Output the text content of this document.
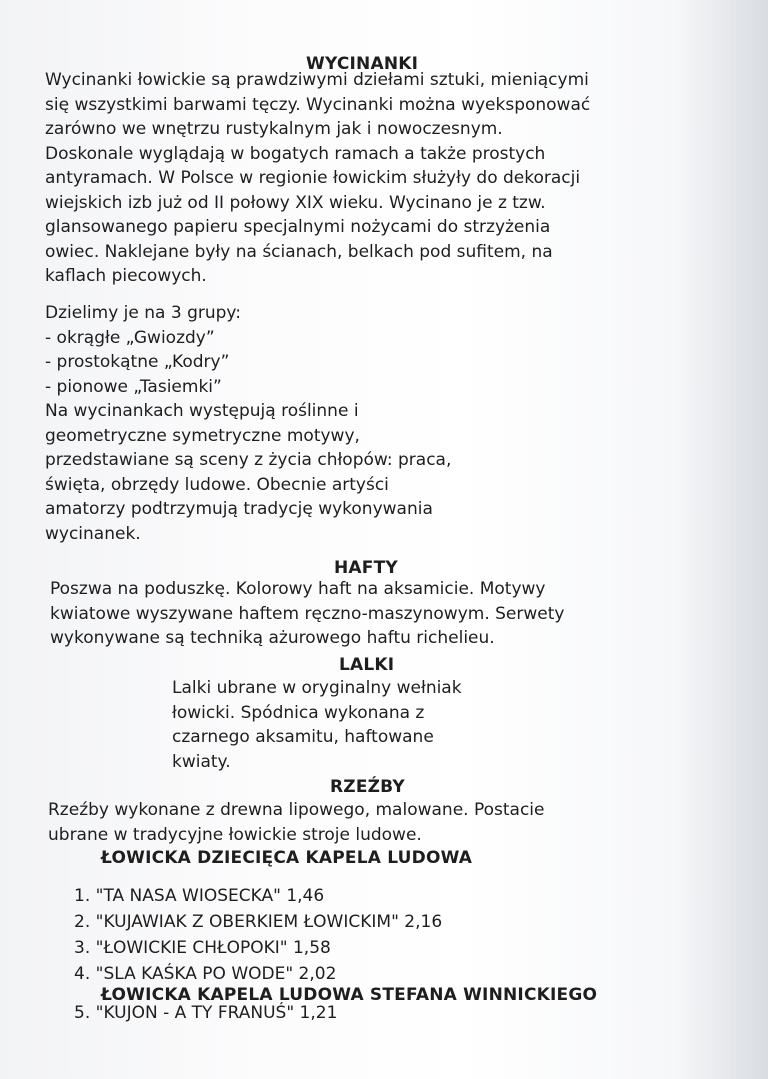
WYCINANKI
Wycinanki łowickie są prawdziwymi dziełami sztuki, mieniącymi
się wszystkimi barwami tęczy. Wycinanki można wyeksponować
zarówno we wnętrzu rustykalnym jak i nowoczesnym.
Doskonale wyglądają w bogatych ramach a także prostych
antyramach. W Polsce w regionie łowickim służyły do dekoracji
wiejskich izb już od II połowy XIX wieku. Wycinano je z tzw.
glansowanego papieru specjalnymi nożycami do strzyżenia
owiec. Naklejane były na ścianach, belkach pod sufitem, na
kaflach piecowych.
Dzielimy je na 3 grupy:
- okrągłe „Gwiozdy”
- prostokątne „Kodry”
- pionowe „Tasiemki”
Na wycinankach występują roślinne i
geometryczne symetryczne motywy,
przedstawiane są sceny z życia chłopów: praca,
święta, obrzędy ludowe. Obecnie artyści
amatorzy podtrzymują tradycję wykonywania
wycinanek.
HAFTY
Poszwa na poduszkę. Kolorowy haft na aksamicie. Motywy
kwiatowe wyszywane haftem ręczno-maszynowym. Serwety
wykonywane są techniką ażurowego haftu richelieu.
LALKI
Lalki ubrane w oryginalny wełniak
łowicki. Spódnica wykonana z
czarnego aksamitu, haftowane
kwiaty.
RZEŹBY
Rzeźby wykonane z drewna lipowego, malowane. Postacie
ubrane w tradycyjne łowickie stroje ludowe.
ŁOWICKA DZIECIĘCA KAPELA LUDOWA
1. "TA NASA WIOSECKA" 1,46
2. "KUJAWIAK Z OBERKIEM ŁOWICKIM" 2,16
3. "ŁOWICKIE CHŁOPOKI" 1,58
4. "SLA KAŚKA PO WODE" 2,02
ŁOWICKA KAPELA LUDOWA STEFANA WINNICKIEGO
5. "KUJON - A TY FRANUŚ" 1,21
